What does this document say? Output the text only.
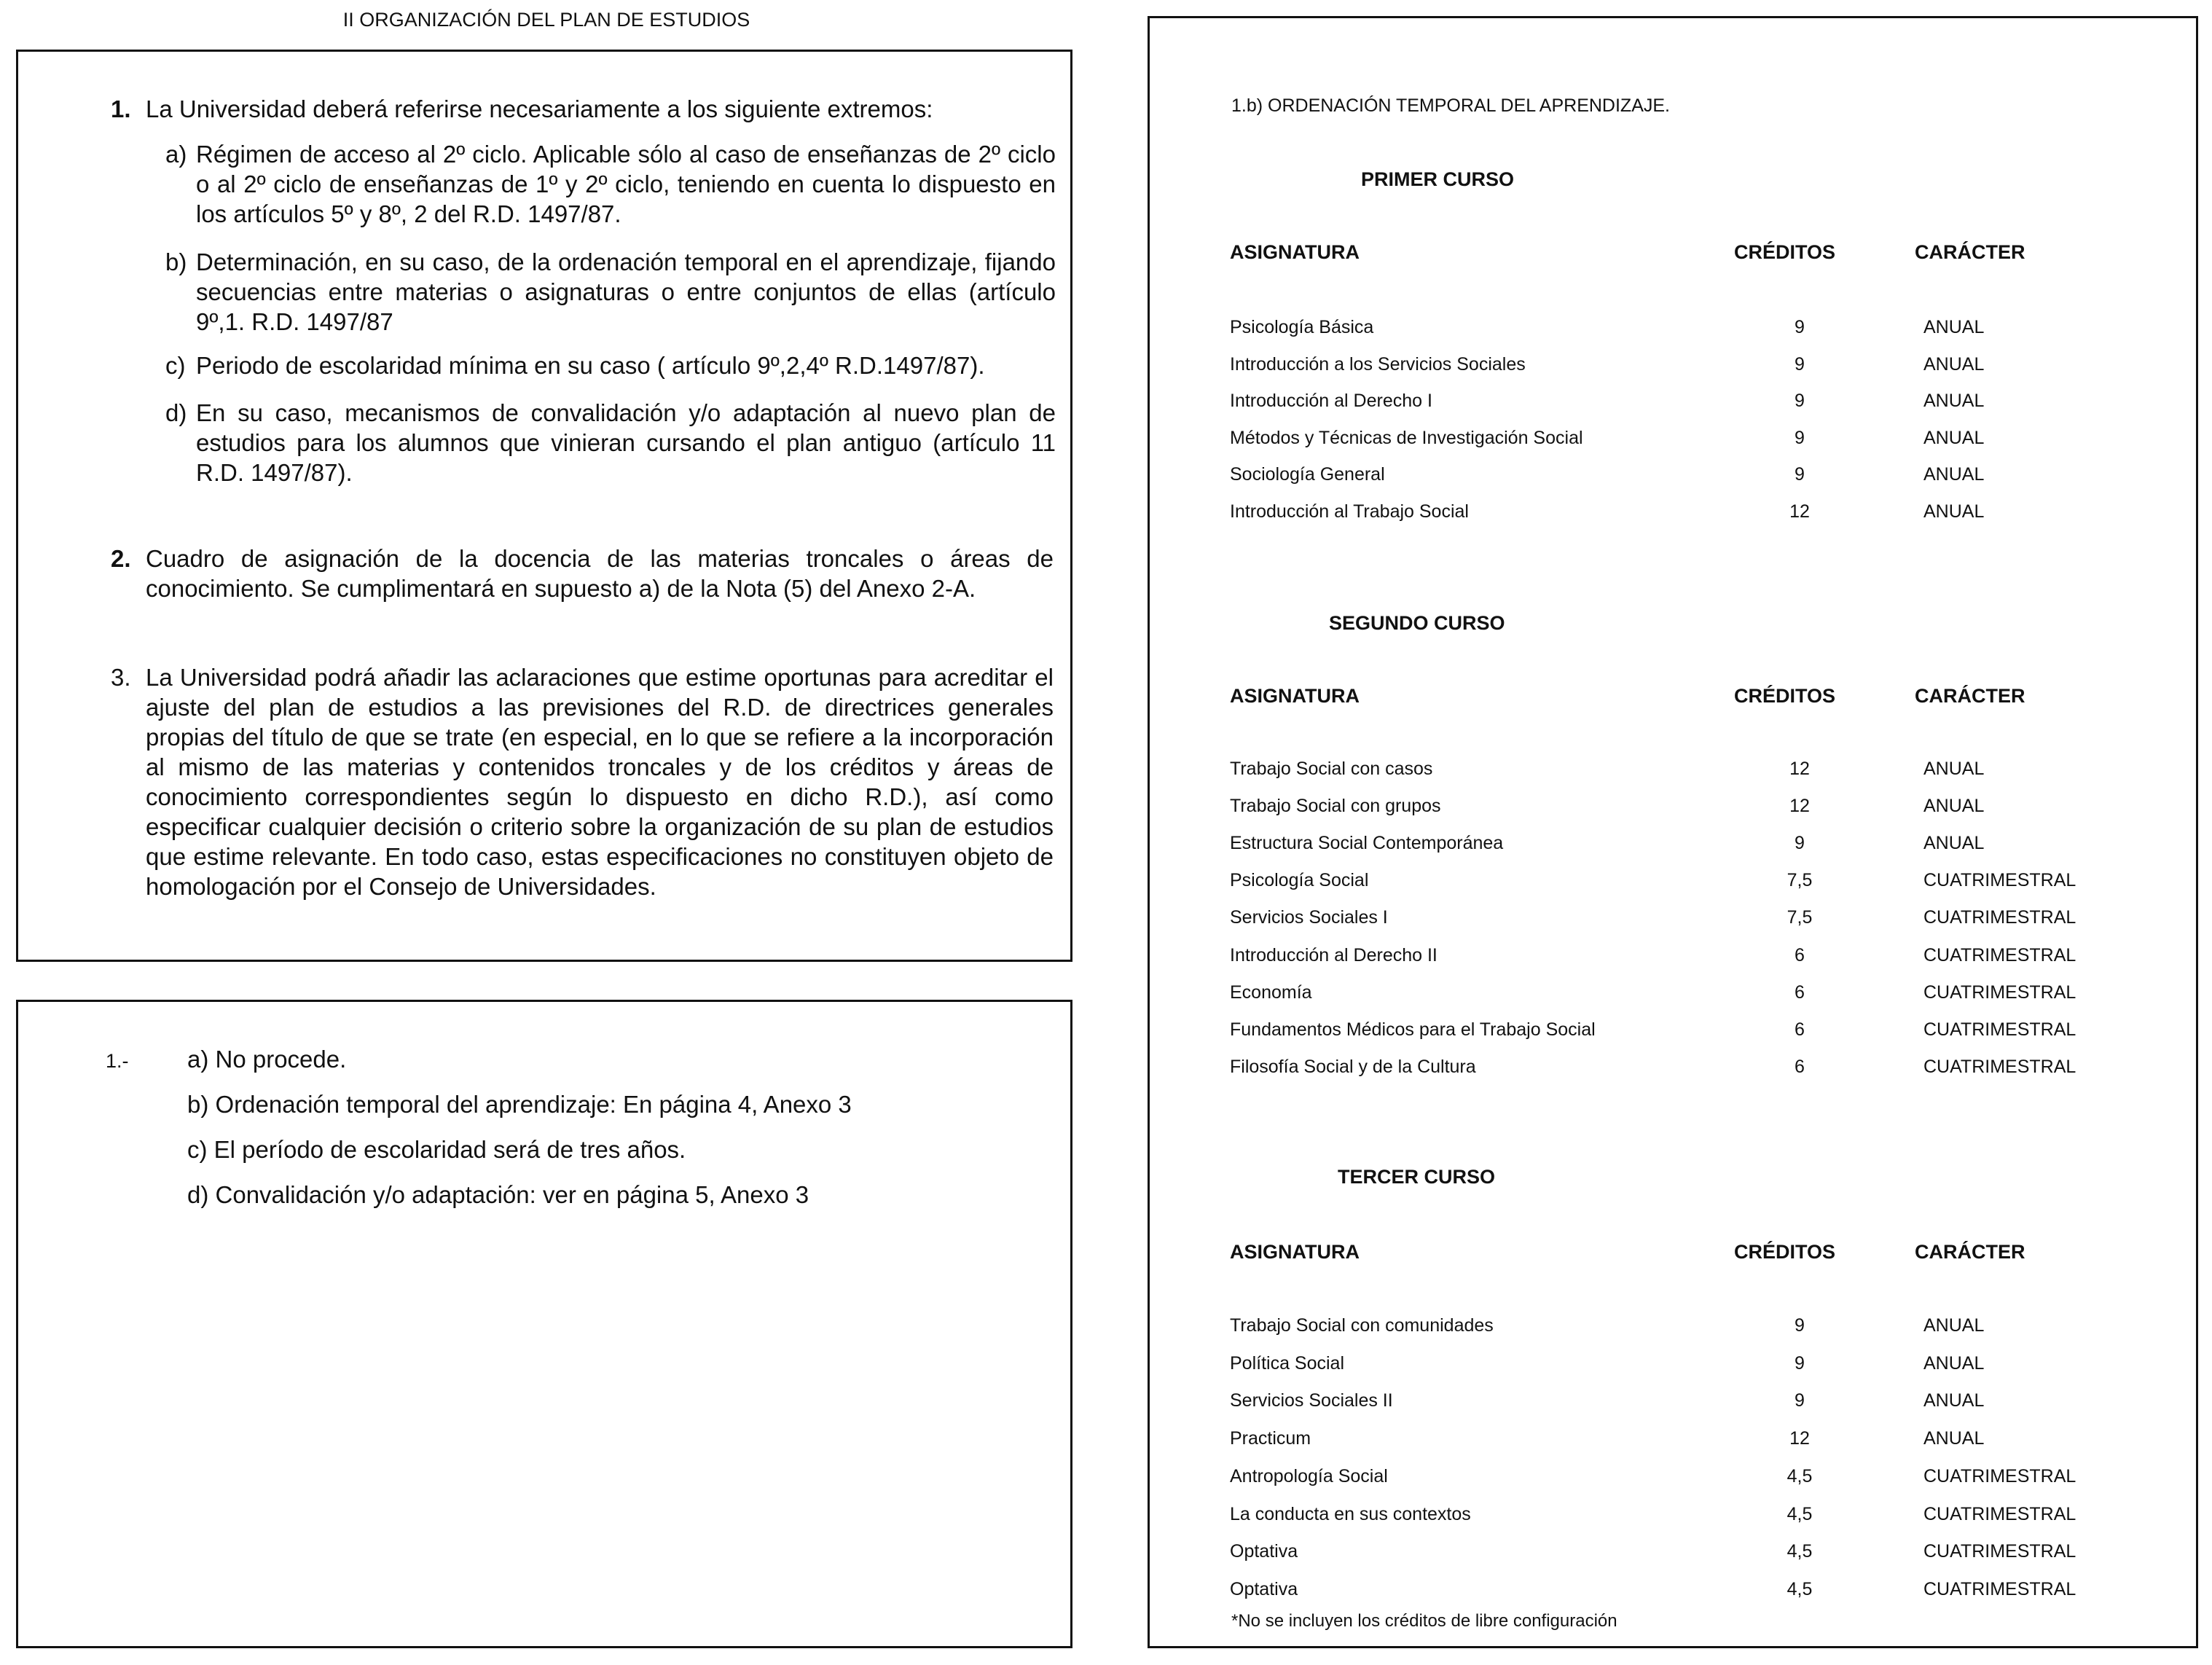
II ORGANIZACIÓN DEL PLAN DE ESTUDIOS
1. La Universidad deberá referirse necesariamente a los siguiente extremos:

a) Régimen de acceso al 2º ciclo. Aplicable sólo al caso de enseñanzas de 2º ciclo o al 2º ciclo de enseñanzas de 1º y 2º ciclo, teniendo en cuenta lo dispuesto en los artículos 5º y 8º, 2 del R.D. 1497/87.

b) Determinación, en su caso, de la ordenación temporal en el aprendizaje, fijando secuencias entre materias o asignaturas o entre conjuntos de ellas (artículo 9º,1. R.D. 1497/87

c) Periodo de escolaridad mínima en su caso ( artículo 9º,2,4º R.D.1497/87).

d) En su caso, mecanismos de convalidación y/o adaptación al nuevo plan de estudios para los alumnos que vinieran cursando el plan antiguo (artículo 11 R.D. 1497/87).

2. Cuadro de asignación de la docencia de las materias troncales o áreas de conocimiento. Se cumplimentará en supuesto a) de la Nota (5) del Anexo 2-A.

3. La Universidad podrá añadir las aclaraciones que estime oportunas para acreditar el ajuste del plan de estudios a las previsiones del R.D. de directrices generales propias del título de que se trate (en especial, en lo que se refiere a la incorporación al mismo de las materias y contenidos troncales y de los créditos y áreas de conocimiento correspondientes según lo dispuesto en dicho R.D.), así como especificar cualquier decisión o criterio sobre la organización de su plan de estudios que estime relevante. En todo caso, estas especificaciones no constituyen objeto de homologación por el Consejo de Universidades.

1.- a) No procede.
b) Ordenación temporal del aprendizaje: En página 4, Anexo 3
c) El período de escolaridad será de tres años.
d) Convalidación y/o adaptación: ver en página 5, Anexo 3
1.b) ORDENACIÓN TEMPORAL DEL APRENDIZAJE.
PRIMER CURSO
ASIGNATURA	CRÉDITOS	CARÁCTER
Psicología Básica	9	ANUAL
Introducción a los Servicios Sociales	9	ANUAL
Introducción al Derecho I	9	ANUAL
Métodos y Técnicas de Investigación Social	9	ANUAL
Sociología General	9	ANUAL
Introducción al Trabajo Social	12	ANUAL
SEGUNDO CURSO
ASIGNATURA	CRÉDITOS	CARÁCTER
Trabajo Social con casos	12	ANUAL
Trabajo Social con grupos	12	ANUAL
Estructura Social Contemporánea	9	ANUAL
Psicología Social	7,5	CUATRIMESTRAL
Servicios Sociales I	7,5	CUATRIMESTRAL
Introducción al Derecho II	6	CUATRIMESTRAL
Economía	6	CUATRIMESTRAL
Fundamentos Médicos para el Trabajo Social	6	CUATRIMESTRAL
Filosofía Social y de la Cultura	6	CUATRIMESTRAL
TERCER CURSO
ASIGNATURA	CRÉDITOS	CARÁCTER
Trabajo Social con comunidades	9	ANUAL
Política Social	9	ANUAL
Servicios Sociales II	9	ANUAL
Practicum	12	ANUAL
Antropología Social	4,5	CUATRIMESTRAL
La conducta en sus contextos	4,5	CUATRIMESTRAL
Optativa	4,5	CUATRIMESTRAL
Optativa	4,5	CUATRIMESTRAL
*No se incluyen los créditos de libre configuración
